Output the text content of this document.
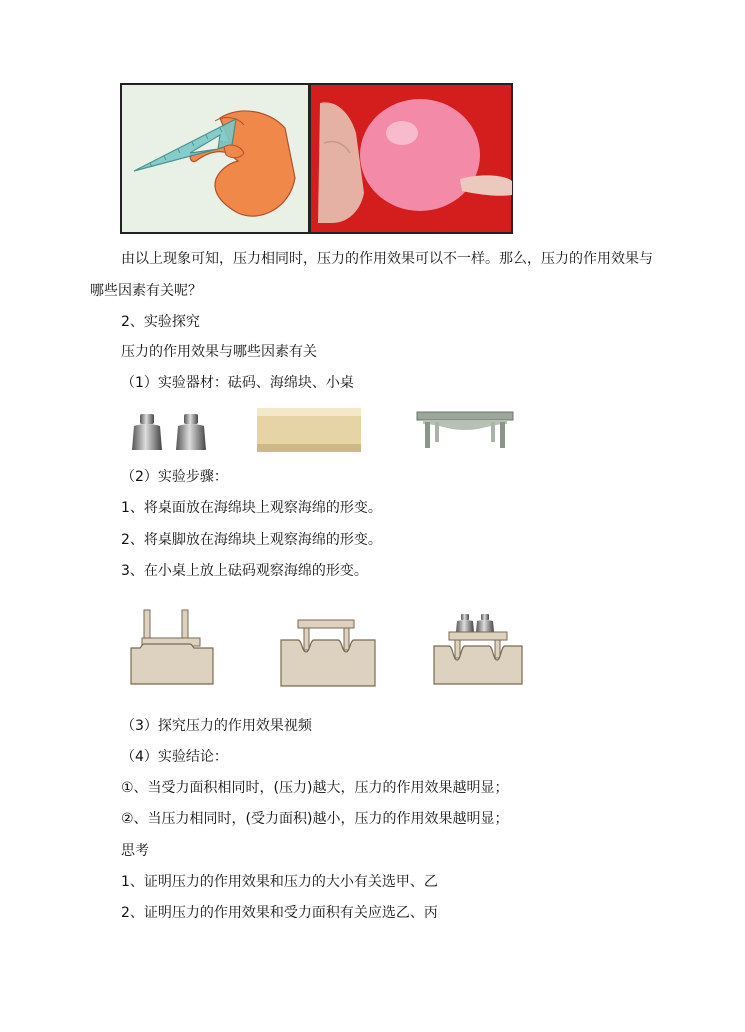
由以上现象可知，压力相同时，压力的作用效果可以不一样。那么，压力的作用效果与
哪些因素有关呢？
2、实验探究
压力的作用效果与哪些因素有关
（1）实验器材：砝码、海绵块、小桌
（2）实验步骤：
1、将桌面放在海绵块上观察海绵的形变。
2、将桌脚放在海绵块上观察海绵的形变。
3、在小桌上放上砝码观察海绵的形变。
（3）探究压力的作用效果视频
（4）实验结论：
①、当受力面积相同时，(压力)越大，压力的作用效果越明显；
②、当压力相同时，(受力面积)越小，压力的作用效果越明显；
思考
1、证明压力的作用效果和压力的大小有关选甲、乙
2、证明压力的作用效果和受力面积有关应选乙、丙
